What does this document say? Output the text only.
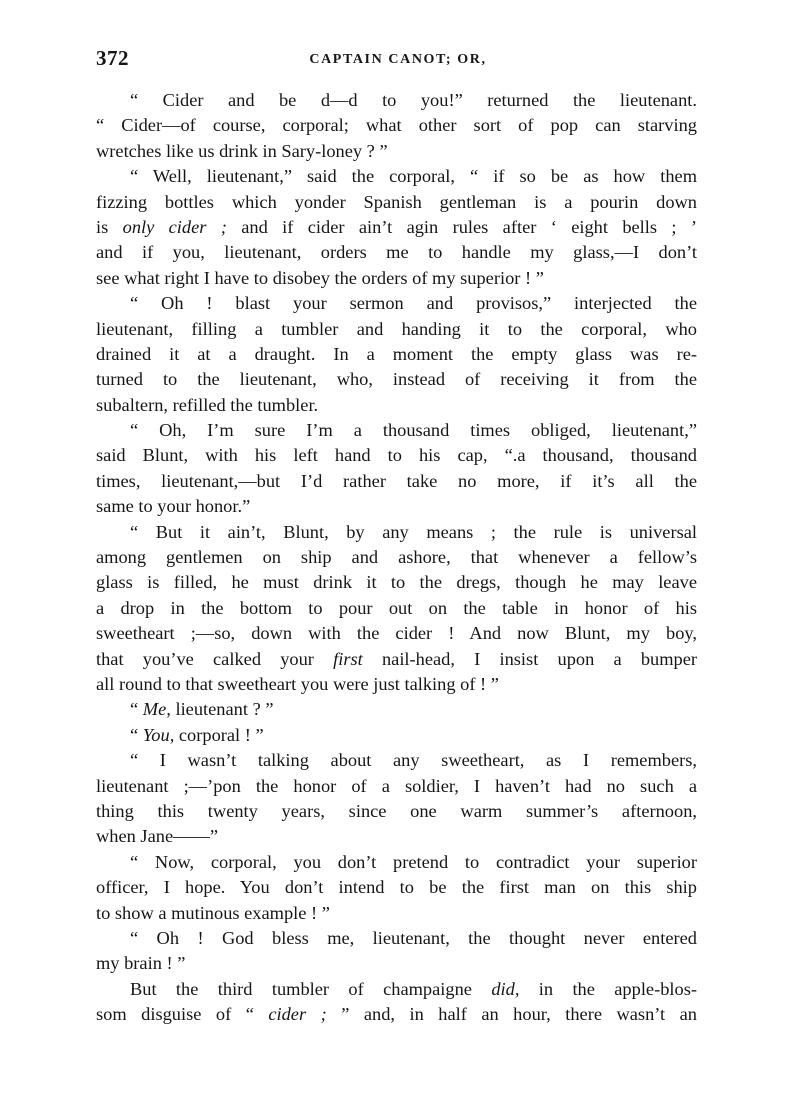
372	CAPTAIN CANOT; OR,
“ Cider and be d—d to you!” returned the lieutenant.
“ Cider—of course, corporal; what other sort of pop can starving
wretches like us drink in Sary-loney ? ”
“ Well, lieutenant,” said the corporal, “ if so be as how them
fizzing bottles which yonder Spanish gentleman is a pourin down
is only cider ; and if cider ain’t agin rules after ‘ eight bells ; ’
and if you, lieutenant, orders me to handle my glass,—I don’t
see what right I have to disobey the orders of my superior ! ”
“ Oh ! blast your sermon and provisos,” interjected the
lieutenant, filling a tumbler and handing it to the corporal, who
drained it at a draught. In a moment the empty glass was re-
turned to the lieutenant, who, instead of receiving it from the
subaltern, refilled the tumbler.
“ Oh, I’m sure I’m a thousand times obliged, lieutenant,”
said Blunt, with his left hand to his cap, “.a thousand, thousand
times, lieutenant,—but I’d rather take no more, if it’s all the
same to your honor.”
“ But it ain’t, Blunt, by any means ; the rule is universal
among gentlemen on ship and ashore, that whenever a fellow’s
glass is filled, he must drink it to the dregs, though he may leave
a drop in the bottom to pour out on the table in honor of his
sweetheart ;—so, down with the cider ! And now Blunt, my boy,
that you’ve calked your first nail-head, I insist upon a bumper
all round to that sweetheart you were just talking of ! ”
“ Me, lieutenant ? ”
“ You, corporal ! ”
“ I wasn’t talking about any sweetheart, as I remembers,
lieutenant ;—’pon the honor of a soldier, I haven’t had no such a
thing this twenty years, since one warm summer’s afternoon,
when Jane——”
“ Now, corporal, you don’t pretend to contradict your superior
officer, I hope. You don’t intend to be the first man on this ship
to show a mutinous example ! ”
“ Oh ! God bless me, lieutenant, the thought never entered
my brain ! ”
But the third tumbler of champaigne did, in the apple-blos-
som disguise of “ cider ; ” and, in half an hour, there wasn’t an
